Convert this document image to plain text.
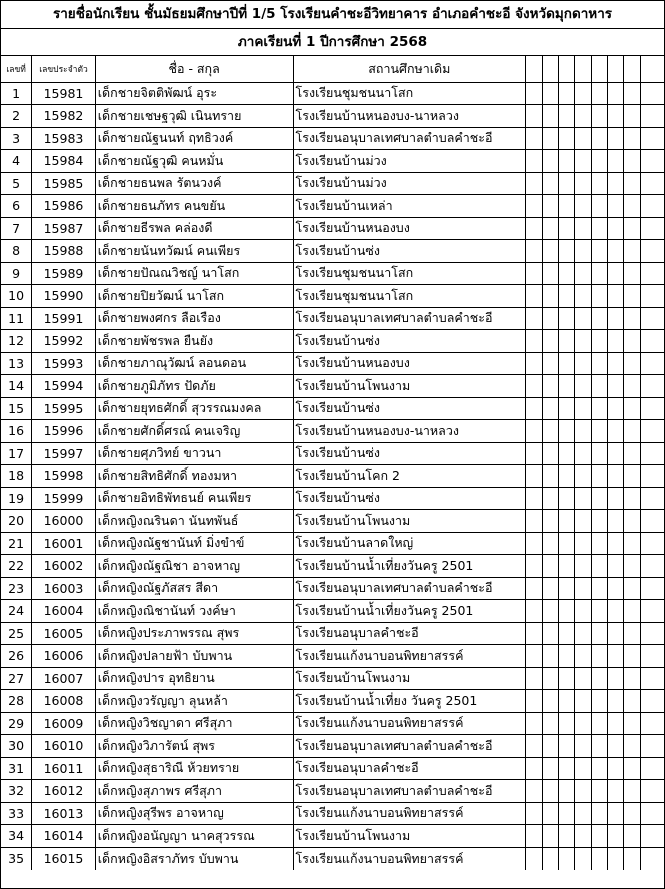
รายชื่อนักเรียน ชั้นมัธยมศึกษาปีที่ 1/5 โรงเรียนคำชะอีวิทยาคาร อำเภอคำชะอี จังหวัดมุกดาหาร
ภาคเรียนที่ 1 ปีการศึกษา 2568
เลขที่	เลขประจำตัว	ชื่อ - สกุล	สถานศึกษาเดิม								
1	15981	เด็กชายจิตติพัฒน์ อุระ	โรงเรียนชุมชนนาโสก								
2	15982	เด็กชายเชษฐวุฒิ เนินทราย	โรงเรียนบ้านหนองบง-นาหลวง								
3	15983	เด็กชายณัฐนนท์ ฤทธิวงค์	โรงเรียนอนุบาลเทศบาลตำบลคำชะอี								
4	15984	เด็กชายณัฐวุฒิ คนหมั่น	โรงเรียนบ้านม่วง								
5	15985	เด็กชายธนพล รัตนวงค์	โรงเรียนบ้านม่วง								
6	15986	เด็กชายธนภัทร คนขยัน	โรงเรียนบ้านเหล่า								
7	15987	เด็กชายธีรพล คล่องดี	โรงเรียนบ้านหนองบง								
8	15988	เด็กชายนันทวัฒน์ คนเพียร	โรงเรียนบ้านซ่ง								
9	15989	เด็กชายปัณณวิชญ์ นาโสก	โรงเรียนชุมชนนาโสก								
10	15990	เด็กชายปิยวัฒน์ นาโสก	โรงเรียนชุมชนนาโสก								
11	15991	เด็กชายพงศกร ลือเรือง	โรงเรียนอนุบาลเทศบาลตำบลคำชะอี								
12	15992	เด็กชายพัชรพล ยืนยัง	โรงเรียนบ้านซ่ง								
13	15993	เด็กชายภาณุวัฒน์ ลอนดอน	โรงเรียนบ้านหนองบง								
14	15994	เด็กชายภูมิภัทร ปัดภัย	โรงเรียนบ้านโพนงาม								
15	15995	เด็กชายยุทธศักดิ์ สุวรรณมงคล	โรงเรียนบ้านซ่ง								
16	15996	เด็กชายศักดิ์ศรณ์ คนเจริญ	โรงเรียนบ้านหนองบง-นาหลวง								
17	15997	เด็กชายศุภวิทย์ ขาวนา	โรงเรียนบ้านซ่ง								
18	15998	เด็กชายสิทธิศักดิ์ ทองมหา	โรงเรียนบ้านโคก 2								
19	15999	เด็กชายอิทธิพัทธนย์ คนเพียร	โรงเรียนบ้านซ่ง								
20	16000	เด็กหญิงณรินดา นันทพันธ์	โรงเรียนบ้านโพนงาม								
21	16001	เด็กหญิงณัฐชานันท์ มิ่งขำข์	โรงเรียนบ้านลาดใหญ่								
22	16002	เด็กหญิงณัฐณิชา อาจหาญ	โรงเรียนบ้านน้ำเที่ยงวันครู 2501								
23	16003	เด็กหญิงณัฐภัสสร สีดา	โรงเรียนอนุบาลเทศบาลตำบลคำชะอี								
24	16004	เด็กหญิงณิชานันท์ วงค์ษา	โรงเรียนบ้านน้ำเที่ยงวันครู 2501								
25	16005	เด็กหญิงประภาพรรณ สุพร	โรงเรียนอนุบาลคำชะอี								
26	16006	เด็กหญิงปลายฟ้า บับพาน	โรงเรียนแก้งนาบอนพิทยาสรรค์								
27	16007	เด็กหญิงปาร อุทธิยาน	โรงเรียนบ้านโพนงาม								
28	16008	เด็กหญิงวรัญญา ลุนหล้า	โรงเรียนบ้านน้ำเที่ยง วันครู 2501								
29	16009	เด็กหญิงวิชญาดา ศรีสุภา	โรงเรียนแก้งนาบอนพิทยาสรรค์								
30	16010	เด็กหญิงวิภารัตน์ สุพร	โรงเรียนอนุบาลเทศบาลตำบลคำชะอี								
31	16011	เด็กหญิงสุธาริณี ห้วยทราย	โรงเรียนอนุบาลคำชะอี								
32	16012	เด็กหญิงสุภาพร ศรีสุภา	โรงเรียนอนุบาลเทศบาลตำบลคำชะอี								
33	16013	เด็กหญิงสุรีพร อาจหาญ	โรงเรียนแก้งนาบอนพิทยาสรรค์								
34	16014	เด็กหญิงอนัญญา นาคสุวรรณ	โรงเรียนบ้านโพนงาม								
35	16015	เด็กหญิงอิสราภัทร บับพาน	โรงเรียนแก้งนาบอนพิทยาสรรค์								
